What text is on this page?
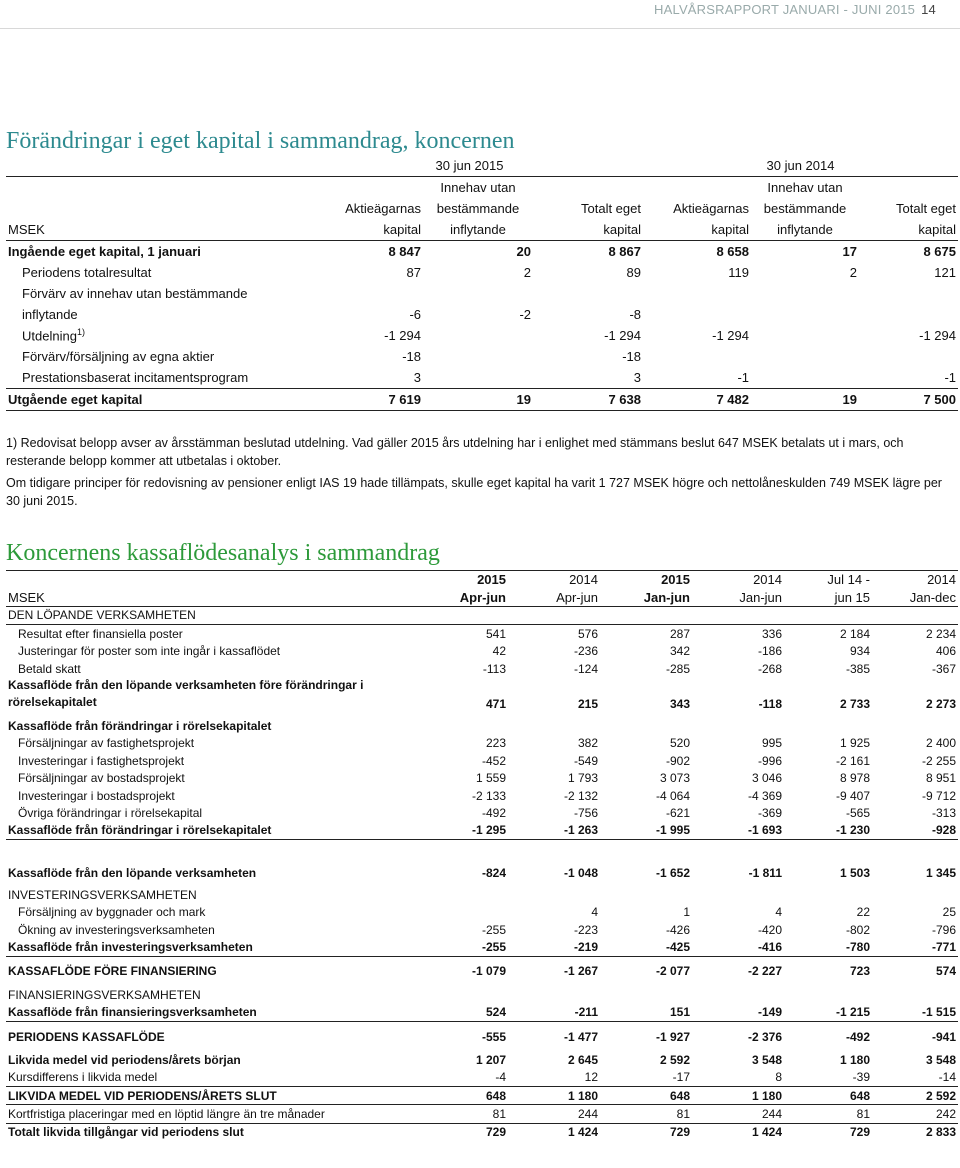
HALVÅRSRAPPORT JANUARI - JUNI 2015 14
Förändringar i eget kapital i sammandrag, koncernen
	30 jun 2015			30 jun 2014		
		Innehav utan			Innehav utan	
	Aktieägarnas	bestämmande	Totalt eget	Aktieägarnas	bestämmande	Totalt eget
MSEK	kapital	inflytande	kapital	kapital	inflytande	kapital
Ingående eget kapital, 1 januari	8 847	20	8 867	8 658	17	8 675
Periodens totalresultat	87	2	89	119	2	121
Förvärv av innehav utan bestämmande						
inflytande	-6	-2	-8			
Utdelning$^{1)}$	-1 294		-1 294	-1 294		-1 294
Förvärv/försäljning av egna aktier	-18		-18			
Prestationsbaserat incitamentsprogram	3		3	-1		-1
Utgående eget kapital	7 619	19	7 638	7 482	19	7 500
1) Redovisat belopp avser av årsstämman beslutad utdelning. Vad gäller 2015 års utdelning har i enlighet med stämmans beslut 647 MSEK betalats ut i mars, och resterande belopp kommer att utbetalas i oktober.
Om tidigare principer för redovisning av pensioner enligt IAS 19 hade tillämpats, skulle eget kapital ha varit 1 727 MSEK högre och nettolåneskulden 749 MSEK lägre per 30 juni 2015.
Koncernens kassaflödesanalys i sammandrag
	2015	2014	2015	2014	Jul 14 -	2014
MSEK	Apr-jun	Apr-jun	Jan-jun	Jan-jun	jun 15	Jan-dec
DEN LÖPANDE VERKSAMHETEN						
Resultat efter finansiella poster	541	576	287	336	2 184	2 234
Justeringar för poster som inte ingår i kassaflödet	42	-236	342	-186	934	406
Betald skatt	-113	-124	-285	-268	-385	-367

Kassaflöde från den löpande verksamheten före förändringar i
rörelsekapitalet	471	215	343	-118	2 733	2 273

Kassaflöde från förändringar i rörelsekapitalet						
Försäljningar av fastighetsprojekt	223	382	520	995	1 925	2 400
Investeringar i fastighetsprojekt	-452	-549	-902	-996	-2 161	-2 255
Försäljningar av bostadsprojekt	1 559	1 793	3 073	3 046	8 978	8 951
Investeringar i bostadsprojekt	-2 133	-2 132	-4 064	-4 369	-9 407	-9 712
Övriga förändringar i rörelsekapital	-492	-756	-621	-369	-565	-313
Kassaflöde från förändringar i rörelsekapitalet	-1 295	-1 263	-1 995	-1 693	-1 230	-928

Kassaflöde från den löpande verksamheten	-824	-1 048	-1 652	-1 811	1 503	1 345

INVESTERINGSVERKSAMHETEN						
Försäljning av byggnader och mark		4	1	4	22	25
Ökning av investeringsverksamheten	-255	-223	-426	-420	-802	-796
Kassaflöde från investeringsverksamheten	-255	-219	-425	-416	-780	-771

KASSAFLÖDE FÖRE FINANSIERING	-1 079	-1 267	-2 077	-2 227	723	574

FINANSIERINGSVERKSAMHETEN						
Kassaflöde från finansieringsverksamheten	524	-211	151	-149	-1 215	-1 515

PERIODENS KASSAFLÖDE	-555	-1 477	-1 927	-2 376	-492	-941

Likvida medel vid periodens/årets början	1 207	2 645	2 592	3 548	1 180	3 548
Kursdifferens i likvida medel	-4	12	-17	8	-39	-14
LIKVIDA MEDEL VID PERIODENS/ÅRETS SLUT	648	1 180	648	1 180	648	2 592
Kortfristiga placeringar med en löptid längre än tre månader	81	244	81	244	81	242
Totalt likvida tillgångar vid periodens slut	729	1 424	729	1 424	729	2 833
